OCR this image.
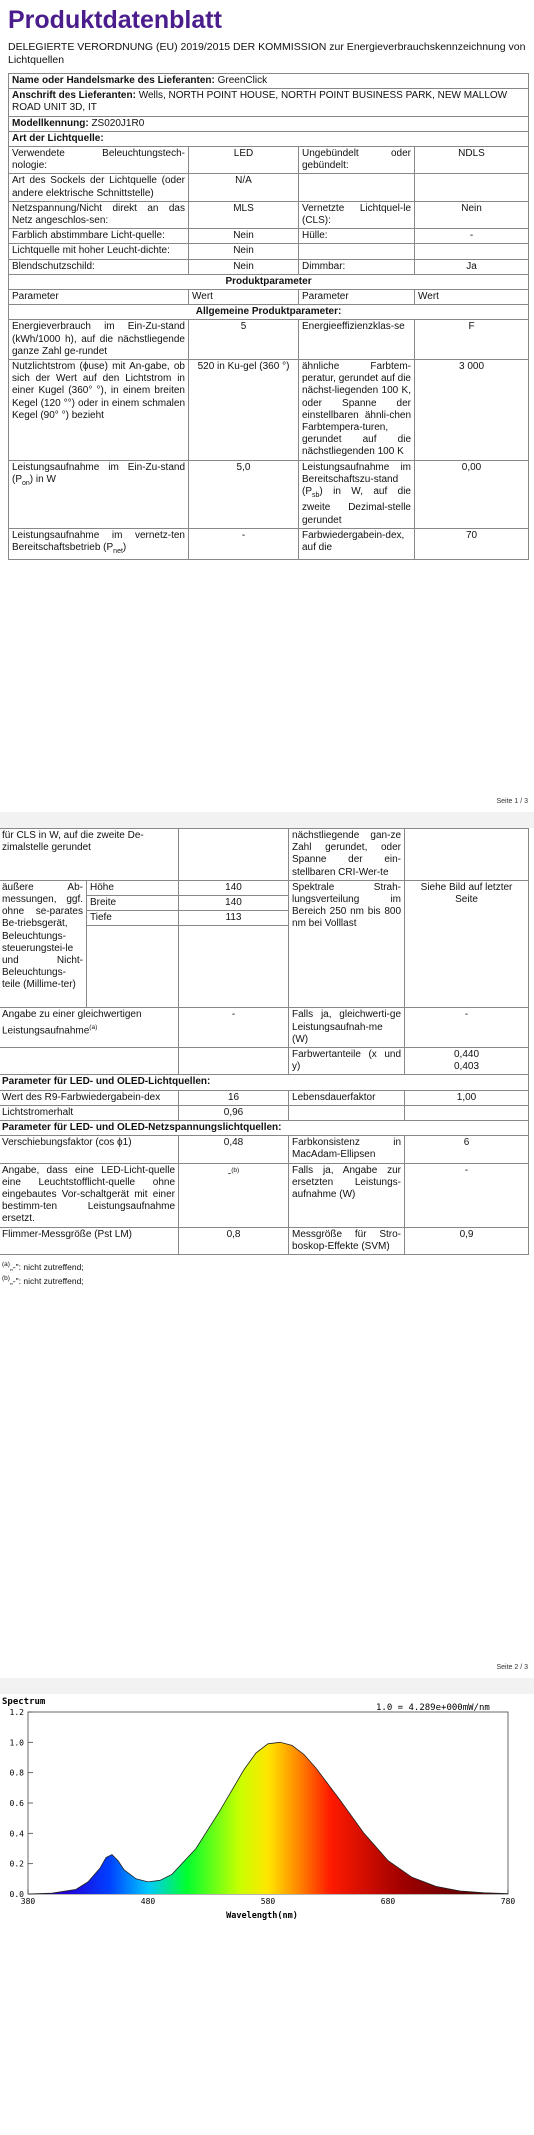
Produktdatenblatt
DELEGIERTE VERORDNUNG (EU) 2019/2015 DER KOMMISSION zur Energieverbrauchskennzeichnung von Lichtquellen
Name oder Handelsmarke des Lieferanten: GreenClick			
Anschrift des Lieferanten: Wells, NORTH POINT HOUSE, NORTH POINT BUSINESS PARK, NEW MALLOW ROAD UNIT 3D, IT			
Modellkennung: ZS020J1R0			
Art der Lichtquelle:			
Verwendete Beleuchtungstech-nologie:	LED	Ungebündelt oder gebündelt:	NDLS
Art des Sockels der Lichtquelle (oder andere elektrische Schnittstelle)	N/A		
Netzspannung/Nicht direkt an das Netz angeschlos-sen:	MLS	Vernetzte Lichtquel-le (CLS):	Nein
Farblich abstimmbare Licht-quelle:	Nein	Hülle:	-
Lichtquelle mit hoher Leucht-dichte:	Nein		
Blendschutzschild:	Nein	Dimmbar:	Ja
Produktparameter			
Parameter	Wert	Parameter	Wert
Allgemeine Produktparameter:			
Energieverbrauch im Ein-Zu-stand (kWh/1000 h), auf die nächstliegende ganze Zahl ge-rundet	5	Energieeffizienzklas-se	F
Nutzlichtstrom (ϕuse) mit An-gabe, ob sich der Wert auf den Lichtstrom in einer Kugel (360° °), in einem breiten Kegel (120 °°) oder in einem schmalen Kegel (90° °) bezieht	520 in Ku-gel (360 °)	ähnliche Farbtem-peratur, gerundet auf die nächst-liegenden 100 K, oder Spanne der einstellbaren ähnli-chen Farbtempera-turen, gerundet auf die nächstliegenden 100 K	3 000
Leistungsaufnahme im Ein-Zu-stand $(P_{on})$ in W	5,0	Leistungsaufnahme im Bereitschaftszu-stand $(P_{sb})$ in W, auf die zweite Dezimal-stelle gerundet	0,00
Leistungsaufnahme im vernetz-ten Bereitschaftsbetrieb $(P_{net})$	-	Farbwiedergabein-dex, auf die	70
Seite 1 / 3
für CLS in W, auf die zweite De-zimalstelle gerundet			nächstliegende gan-ze Zahl gerundet, oder Spanne der ein-stellbaren CRI-Wer-te	
äußere Ab-messungen, ggf. ohne se-parates Be-triebsgerät, Beleuchtungs-steuerungstei-le und Nicht-Beleuchtungs-teile (Millime-ter)	Höhe	140	Spektrale Strah-lungsverteilung im Bereich 250 nm bis 800 nm bei Volllast	Siehe Bild auf letzter Seite
	Breite	140		
	Tiefe	113		

Angabe zu einer gleichwertigen Leistungsaufnahme$^{(a)}$		-	Falls ja, gleichwerti-ge Leistungsaufnah-me (W)	-
			Farbwertanteile (x und y)	0,440
0,403

Parameter für LED- und OLED-Lichtquellen:				
Wert des R9-Farbwiedergabein-dex		16	Lebensdauerfaktor	1,00
Lichtstromerhalt		0,96		
Parameter für LED- und OLED-Netzspannungslichtquellen:				
Verschiebungsfaktor (cos ϕ1)		0,48	Farbkonsistenz in MacAdam-Ellipsen	6
Angabe, dass eine LED-Licht-quelle eine Leuchtstofflicht-quelle ohne eingebautes Vor-schaltgerät mit einer bestimm-ten Leistungsaufnahme ersetzt.		-$^{(b)}$	Falls ja, Angabe zur ersetzten Leistungs-aufnahme (W)	-
Flimmer-Messgröße (Pst LM)		0,8	Messgröße für Stro-boskop-Effekte (SVM)	0,9
$^{(a)}$„-": nicht zutreffend;
$^{(b)}$„-": nicht zutreffend;
Seite 2 / 3
0.0
0.2
0.4
0.6
0.8
1.0
1.2
380	480	580	680	780
Spectrum
1.0 = 4.289e+000mW/nm
Wavelength(nm)
